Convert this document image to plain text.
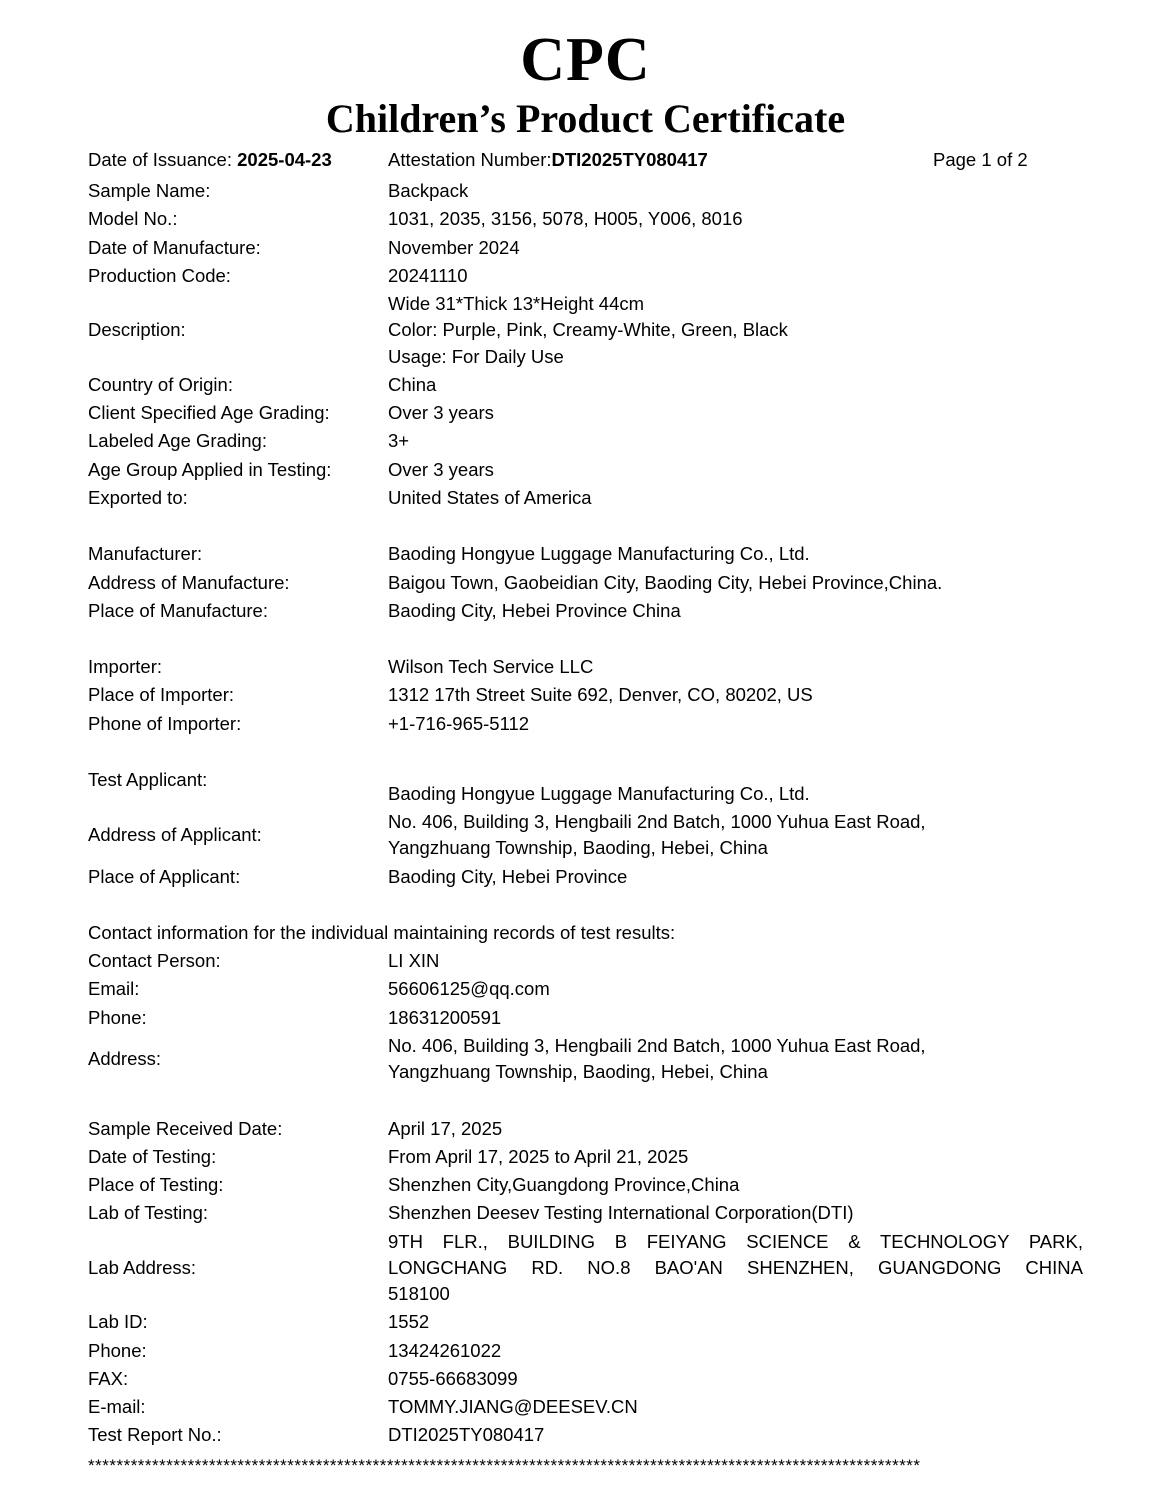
CPC
Children’s Product Certificate
Date of Issuance: 2025-04-23	Attestation Number:DTI2025TY080417	Page 1 of 2
Sample Name:	Backpack
Model No.:	1031, 2035, 3156, 5078, H005, Y006, 8016
Date of Manufacture:	November 2024
Production Code:	20241110
Description:	Wide 31*Thick 13*Height 44cm
Color: Purple, Pink, Creamy-White, Green, Black
Usage: For Daily Use

Country of Origin:	China
Client Specified Age Grading:	Over 3 years
Labeled Age Grading:	3+
Age Group Applied in Testing:	Over 3 years
Exported to:	United States of America

Manufacturer:	Baoding Hongyue Luggage Manufacturing Co., Ltd.
Address of Manufacture:	Baigou Town, Gaobeidian City, Baoding City, Hebei Province,China.
Place of Manufacture:	Baoding City, Hebei Province China

Importer:	Wilson Tech Service LLC
Place of Importer:	1312 17th Street Suite 692, Denver, CO, 80202, US
Phone of Importer:	+1-716-965-5112

Test Applicant:	Baoding Hongyue Luggage Manufacturing Co., Ltd.

Address of Applicant:	No. 406, Building 3, Hengbaili 2nd Batch, 1000 Yuhua East Road,
Yangzhuang Township, Baoding, Hebei, China

Place of Applicant:	Baoding City, Hebei Province

Contact information for the individual maintaining records of test results:	
Contact Person:	LI XIN
Email:	56606125@qq.com
Phone:	18631200591
Address:	No. 406, Building 3, Hengbaili 2nd Batch, 1000 Yuhua East Road,
Yangzhuang Township, Baoding, Hebei, China

Sample Received Date:	April 17, 2025
Date of Testing:	From April 17, 2025 to April 21, 2025
Place of Testing:	Shenzhen City,Guangdong Province,China
Lab of Testing:	Shenzhen Deesev Testing International Corporation(DTI)
Lab Address:	9TH FLR., BUILDING B FEIYANG SCIENCE & TECHNOLOGY PARK,
LONGCHANG RD. NO.8 BAO'AN SHENZHEN, GUANGDONG CHINA
518100

Lab ID:	1552
Phone:	13424261022
FAX:	0755-66683099
E-mail:	TOMMY.JIANG@DEESEV.CN
Test Report No.:	DTI2025TY080417
*********************************************************************************************************************
